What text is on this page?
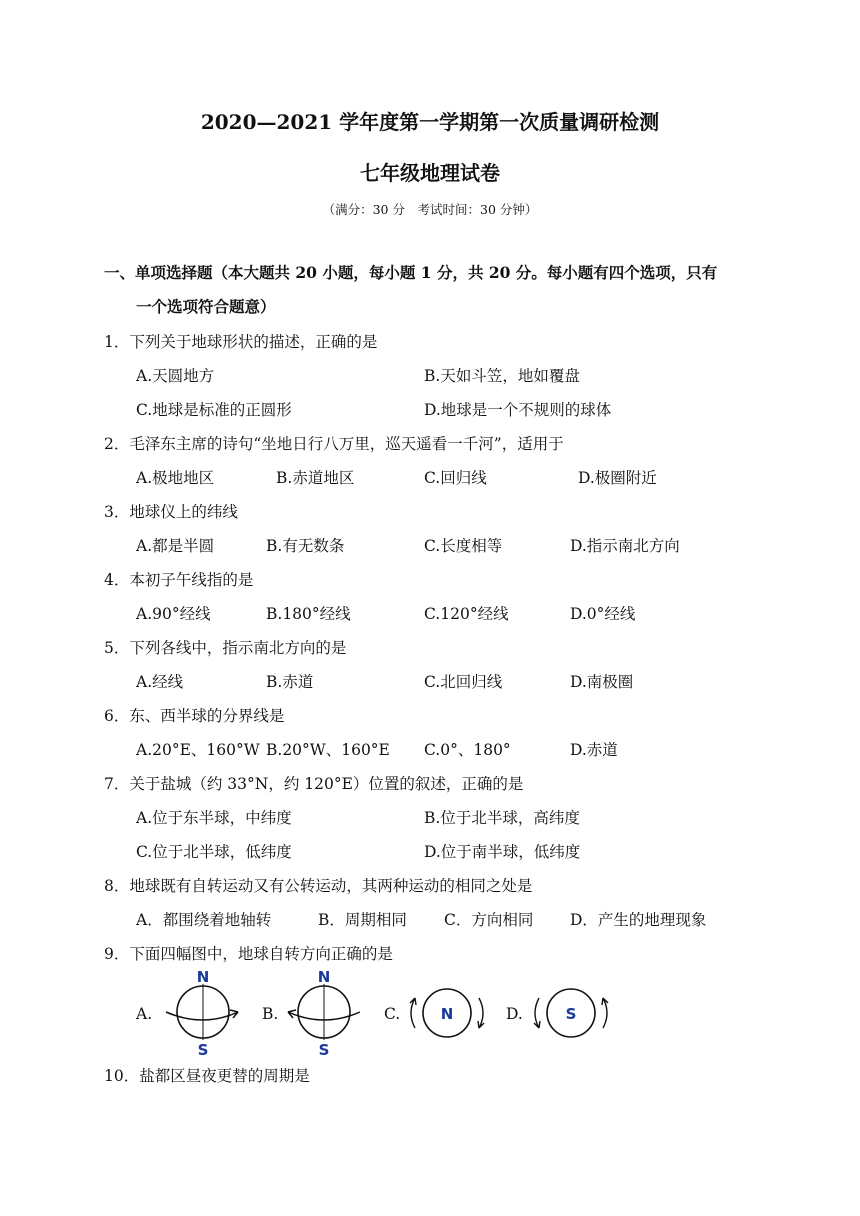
2020—2021 学年度第一学期第一次质量调研检测
七年级地理试卷
（满分：30 分　考试时间：30 分钟）
一、单项选择题（本大题共 20 小题，每小题 1 分，共 20 分。每小题有四个选项，只有
一个选项符合题意）
1．下列关于地球形状的描述，正确的是
A.天圆地方	B.天如斗笠，地如覆盘
C.地球是标准的正圆形	D.地球是一个不规则的球体
2．毛泽东主席的诗句“坐地日行八万里，巡天遥看一千河”，适用于
A.极地地区	B.赤道地区	C.回归线	D.极圈附近
3．地球仪上的纬线
A.都是半圆	B.有无数条	C.长度相等	D.指示南北方向
4．本初子午线指的是
A.90°经线	B.180°经线	C.120°经线	D.0°经线
5．下列各线中，指示南北方向的是
A.经线	B.赤道	C.北回归线	D.南极圈
6．东、西半球的分界线是
A.20°E、160°W B.20°W、160°E C.0°、180°	D.赤道
7．关于盐城（约 33°N，约 120°E）位置的叙述，正确的是
A.位于东半球，中纬度	B.位于北半球，高纬度
C.位于北半球，低纬度	D.位于南半球，低纬度
8．地球既有自转运动又有公转运动，其两种运动的相同之处是
A．都围绕着地轴转	B．周期相同 C．方向相同 D．产生的地理现象
9．下面四幅图中，地球自转方向正确的是
A.	B.	C.	D.
N
S
N
S
N	S
10．盐都区昼夜更替的周期是
